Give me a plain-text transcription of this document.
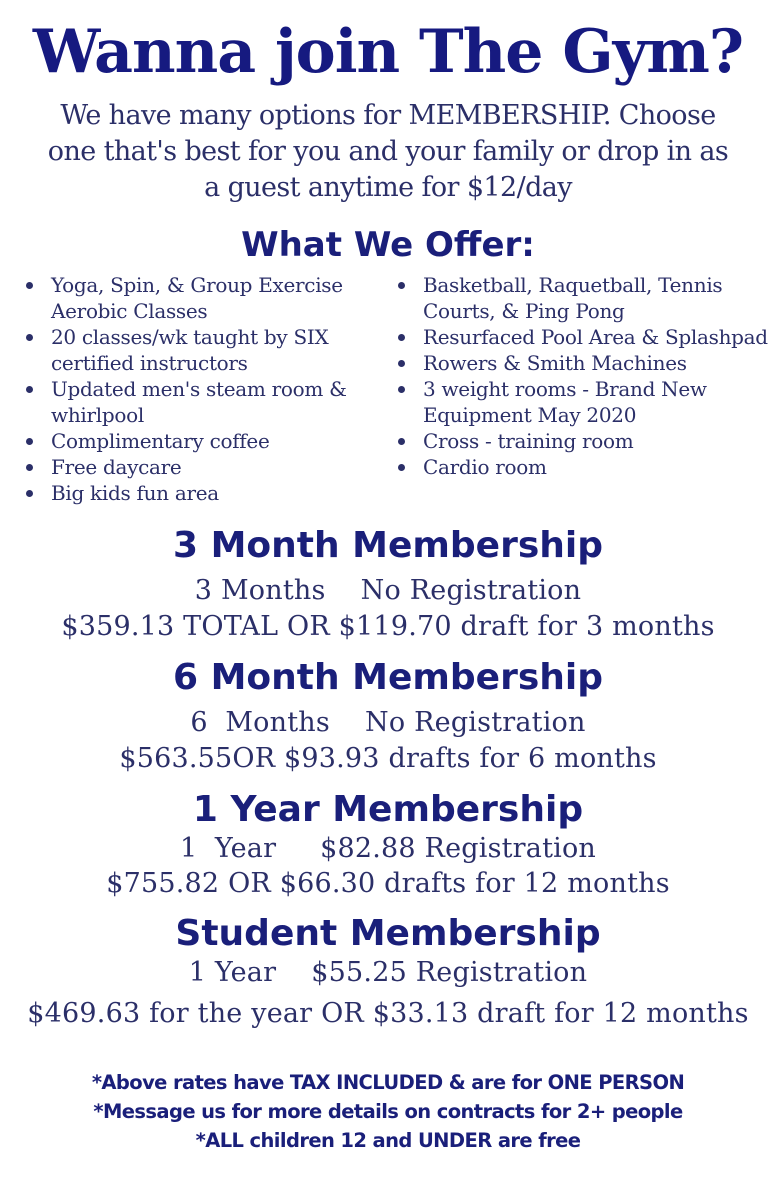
Wanna join The Gym?
We have many options for MEMBERSHIP. Choose
one that's best for you and your family or drop in as
a guest anytime for $12/day
What We Offer:
Yoga, Spin, & Group Exercise Aerobic Classes
20 classes/wk taught by SIX certified instructors
Updated men's steam room & whirlpool
Complimentary coffee
Free daycare
Big kids fun area
Basketball, Raquetball, Tennis Courts, & Ping Pong
Resurfaced Pool Area & Splashpad
Rowers & Smith Machines
3 weight rooms - Brand New Equipment May 2020
Cross - training room
Cardio room
3 Month Membership
3 Months    No Registration
$359.13 TOTAL OR $119.70 draft for 3 months
6 Month Membership
6  Months    No Registration
$563.55OR $93.93 drafts for 6 months
1 Year Membership
1  Year     $82.88 Registration
$755.82 OR $66.30 drafts for 12 months
Student Membership
1 Year    $55.25 Registration
$469.63 for the year OR $33.13 draft for 12 months
*Above rates have TAX INCLUDED & are for ONE PERSON
*Message us for more details on contracts for 2+ people
*ALL children 12 and UNDER are free
